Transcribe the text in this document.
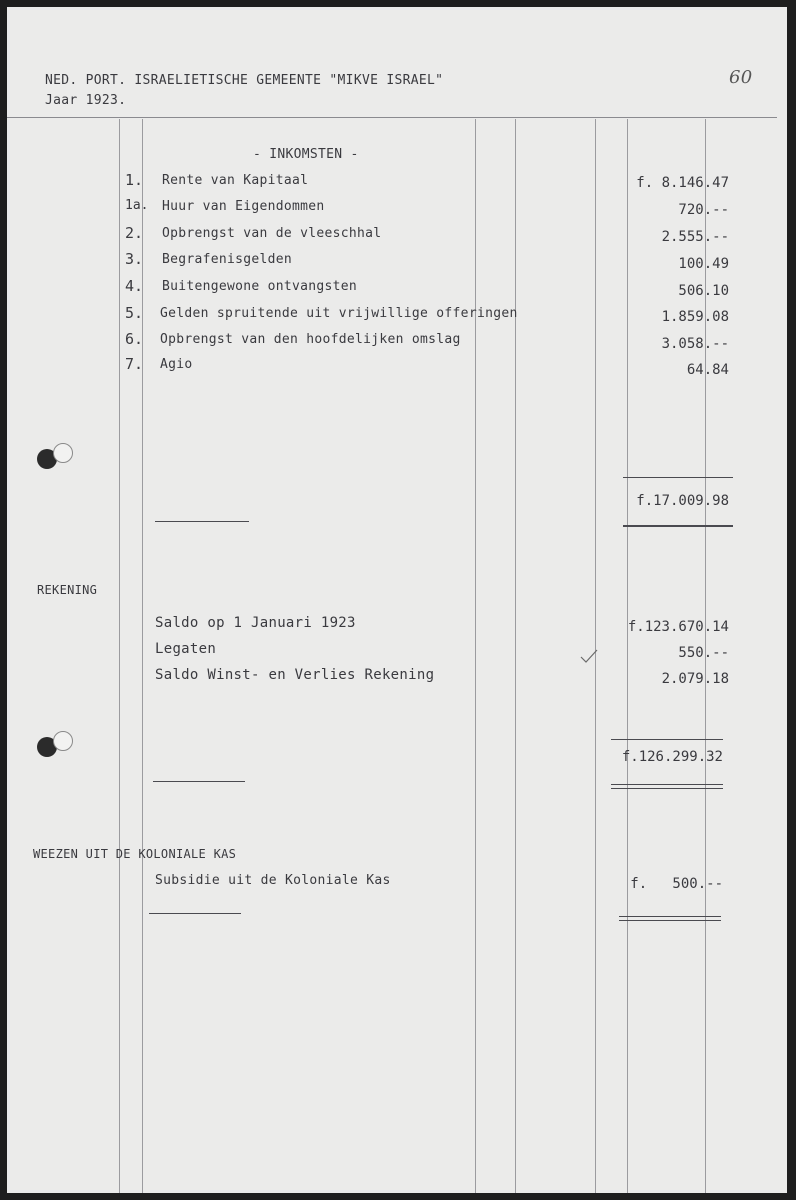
NED. PORT. ISRAELIETISCHE GEMEENTE "MIKVE ISRAEL"
Jaar 1923.
60
- INKOMSTEN -
1. Rente van Kapitaal	f. 8.146.47
1a. Huur van Eigendommen	720.--
2. Opbrengst van de vleeschhal	2.555.--
3. Begrafenisgelden	100.49
4. Buitengewone ontvangsten	506.10
5. Gelden spruitende uit vrijwillige offeringen	1.859.08
6. Opbrengst van den hoofdelijken omslag	3.058.--
7. Agio	64.84
f.17.009.98
REKENING
Saldo op 1 Januari 1923	f.123.670.14
Legaten	550.--
Saldo Winst- en Verlies Rekening	2.079.18
f.126.299.32
WEEZEN UIT DE KOLONIALE KAS
Subsidie uit de Koloniale Kas	f.   500.--
